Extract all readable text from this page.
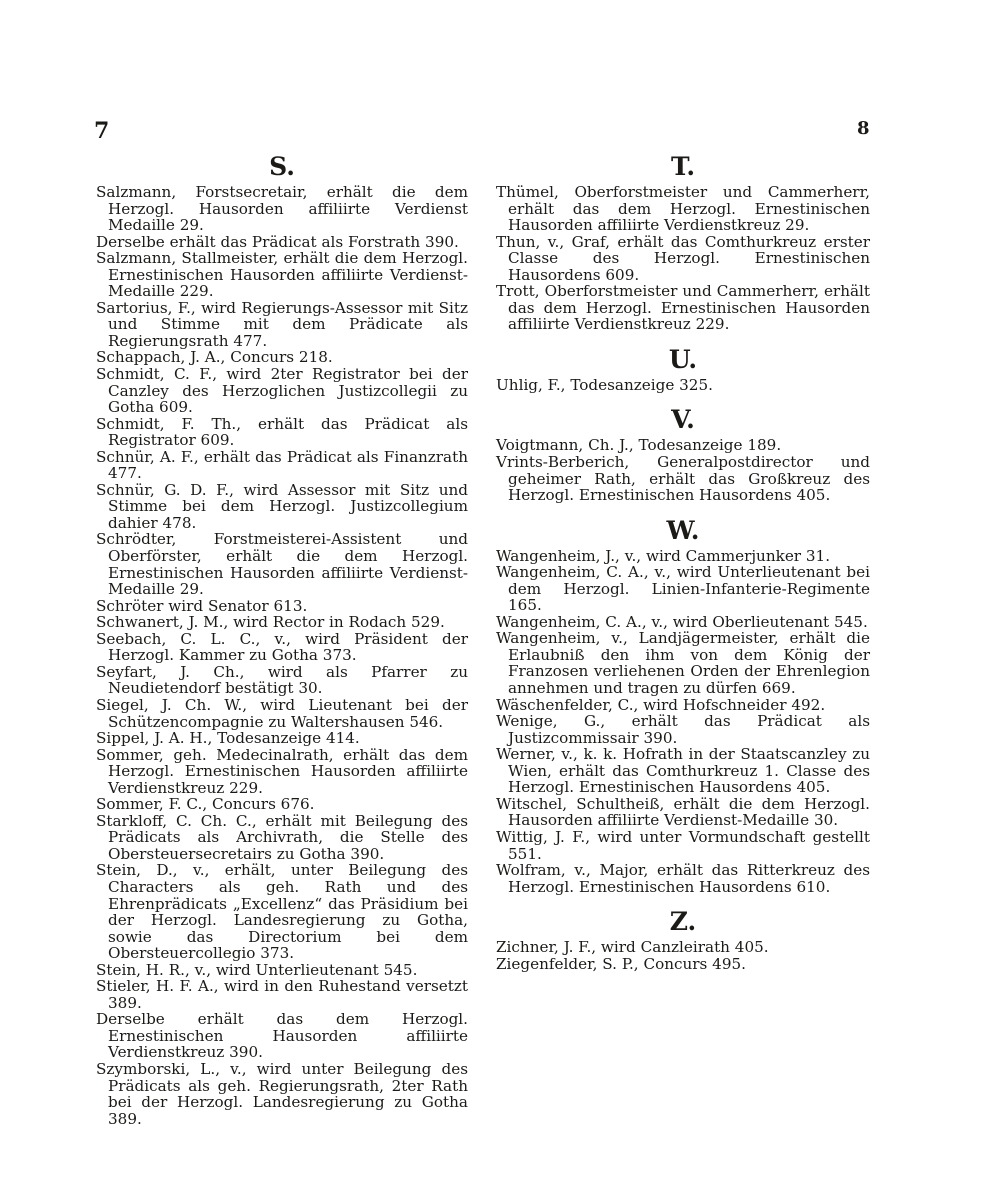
7	8
S.

Salzmann, Forstsecretair, erhält die dem Herzogl. Hausorden affiliirte Verdienst Medaille 29.

Derselbe erhält das Prädicat als Forstrath 390.

Salzmann, Stallmeister, erhält die dem Herzogl. Ernestinischen Hausorden affiliirte Verdienst-Medaille 229.

Sartorius, F., wird Regierungs-Assessor mit Sitz und Stimme mit dem Prädicate als Regierungsrath 477.

Schappach, J. A., Concurs 218.

Schmidt, C. F., wird 2ter Registrator bei der Canzley des Herzoglichen Justizcollegii zu Gotha 609.

Schmidt, F. Th., erhält das Prädicat als Registrator 609.

Schnür, A. F., erhält das Prädicat als Finanzrath 477.

Schnür, G. D. F., wird Assessor mit Sitz und Stimme bei dem Herzogl. Justizcollegium dahier 478.

Schrödter, Forstmeisterei-Assistent und Oberförster, erhält die dem Herzogl. Ernestinischen Hausorden affiliirte Verdienst-Medaille 29.

Schröter wird Senator 613.

Schwanert, J. M., wird Rector in Rodach 529.

Seebach, C. L. C., v., wird Präsident der Herzogl. Kammer zu Gotha 373.

Seyfart, J. Ch., wird als Pfarrer zu Neudietendorf bestätigt 30.

Siegel, J. Ch. W., wird Lieutenant bei der Schützencompagnie zu Waltershausen 546.

Sippel, J. A. H., Todesanzeige 414.

Sommer, geh. Medecinalrath, erhält das dem Herzogl. Ernestinischen Hausorden affiliirte Verdienstkreuz 229.

Sommer, F. C., Concurs 676.

Starkloff, C. Ch. C., erhält mit Beilegung des Prädicats als Archivrath, die Stelle des Obersteuersecretairs zu Gotha 390.

Stein, D., v., erhält, unter Beilegung des Characters als geh. Rath und des Ehrenprädicats „Excellenz“ das Präsidium bei der Herzogl. Landesregierung zu Gotha, sowie das Directorium bei dem Obersteuercollegio 373.

Stein, H. R., v., wird Unterlieutenant 545.

Stieler, H. F. A., wird in den Ruhestand versetzt 389.

Derselbe erhält das dem Herzogl. Ernestinischen Hausorden affiliirte Verdienstkreuz 390.

Szymborski, L., v., wird unter Beilegung des Prädicats als geh. Regierungsrath, 2ter Rath bei der Herzogl. Landesregierung zu Gotha 389.

T.

Thümel, Oberforstmeister und Cammerherr, erhält das dem Herzogl. Ernestinischen Hausorden affiliirte Verdienstkreuz 29.

Thun, v., Graf, erhält das Comthurkreuz erster Classe des Herzogl. Ernestinischen Hausordens 609.

Trott, Oberforstmeister und Cammerherr, erhält das dem Herzogl. Ernestinischen Hausorden affiliirte Verdienstkreuz 229.

U.

Uhlig, F., Todesanzeige 325.

V.

Voigtmann, Ch. J., Todesanzeige 189.

Vrints-Berberich, Generalpostdirector und geheimer Rath, erhält das Großkreuz des Herzogl. Ernestinischen Hausordens 405.

W.

Wangenheim, J., v., wird Cammerjunker 31.

Wangenheim, C. A., v., wird Unterlieutenant bei dem Herzogl. Linien-Infanterie-Regimente 165.

Wangenheim, C. A., v., wird Oberlieutenant 545.

Wangenheim, v., Landjägermeister, erhält die Erlaubniß den ihm von dem König der Franzosen verliehenen Orden der Ehrenlegion annehmen und tragen zu dürfen 669.

Wäschenfelder, C., wird Hofschneider 492.

Wenige, G., erhält das Prädicat als Justizcommissair 390.

Werner, v., k. k. Hofrath in der Staatscanzley zu Wien, erhält das Comthurkreuz 1. Classe des Herzogl. Ernestinischen Hausordens 405.

Witschel, Schultheiß, erhält die dem Herzogl. Hausorden affiliirte Verdienst-Medaille 30.

Wittig, J. F., wird unter Vormundschaft gestellt 551.

Wolfram, v., Major, erhält das Ritterkreuz des Herzogl. Ernestinischen Hausordens 610.

Z.

Zichner, J. F., wird Canzleirath 405.

Ziegenfelder, S. P., Concurs 495.
